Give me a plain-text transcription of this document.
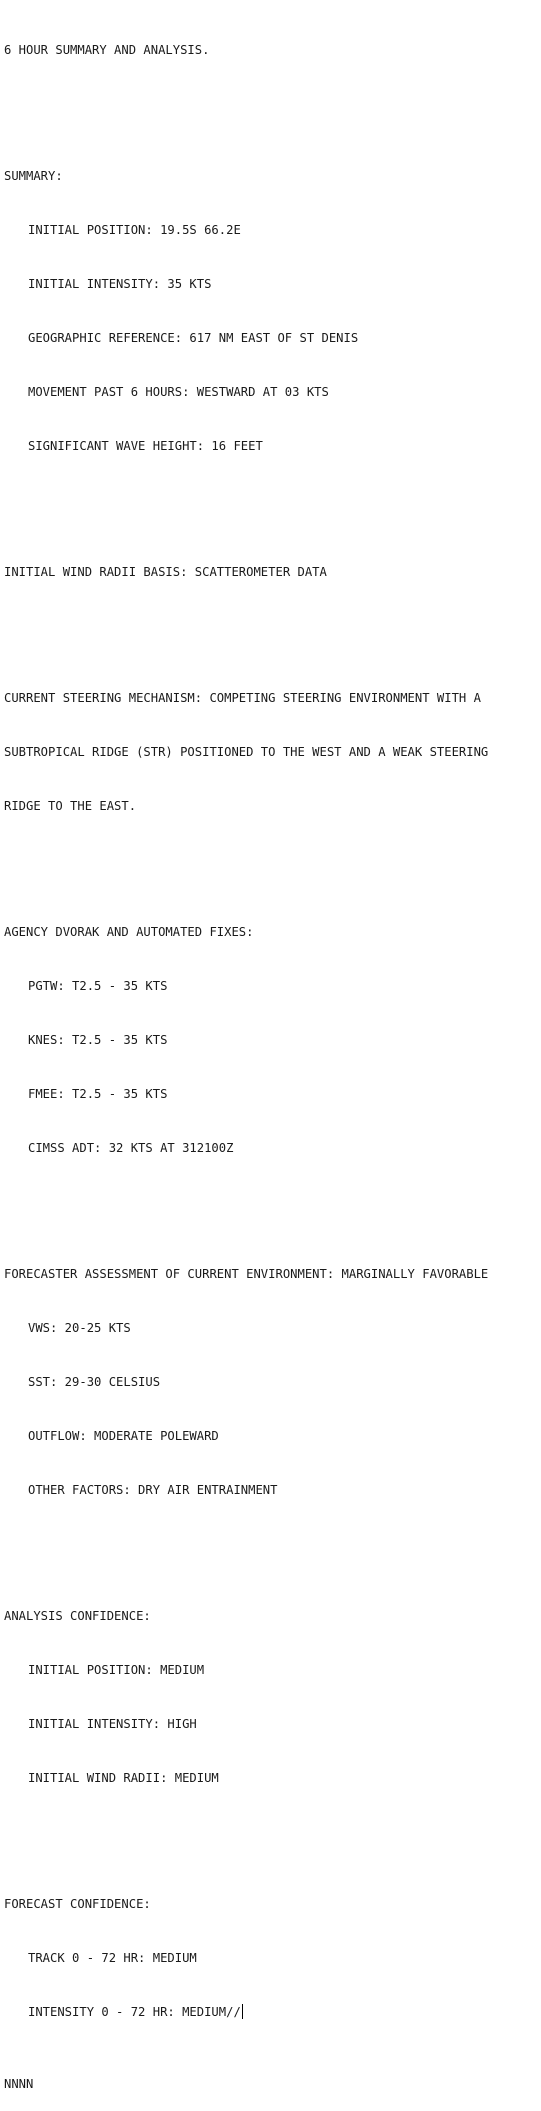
6 HOUR SUMMARY AND ANALYSIS.

SUMMARY:

INITIAL POSITION: 19.5S 66.2E

INITIAL INTENSITY: 35 KTS

GEOGRAPHIC REFERENCE: 617 NM EAST OF ST DENIS

MOVEMENT PAST 6 HOURS: WESTWARD AT 03 KTS

SIGNIFICANT WAVE HEIGHT: 16 FEET

INITIAL WIND RADII BASIS: SCATTEROMETER DATA

CURRENT STEERING MECHANISM: COMPETING STEERING ENVIRONMENT WITH A

SUBTROPICAL RIDGE (STR) POSITIONED TO THE WEST AND A WEAK STEERING

RIDGE TO THE EAST.

AGENCY DVORAK AND AUTOMATED FIXES:

PGTW: T2.5 - 35 KTS

KNES: T2.5 - 35 KTS

FMEE: T2.5 - 35 KTS

CIMSS ADT: 32 KTS AT 312100Z

FORECASTER ASSESSMENT OF CURRENT ENVIRONMENT: MARGINALLY FAVORABLE

VWS: 20-25 KTS

SST: 29-30 CELSIUS

OUTFLOW: MODERATE POLEWARD

OTHER FACTORS: DRY AIR ENTRAINMENT

ANALYSIS CONFIDENCE:

INITIAL POSITION: MEDIUM

INITIAL INTENSITY: HIGH

INITIAL WIND RADII: MEDIUM

FORECAST CONFIDENCE:

TRACK 0 - 72 HR: MEDIUM

INTENSITY 0 - 72 HR: MEDIUM//

NNNN
